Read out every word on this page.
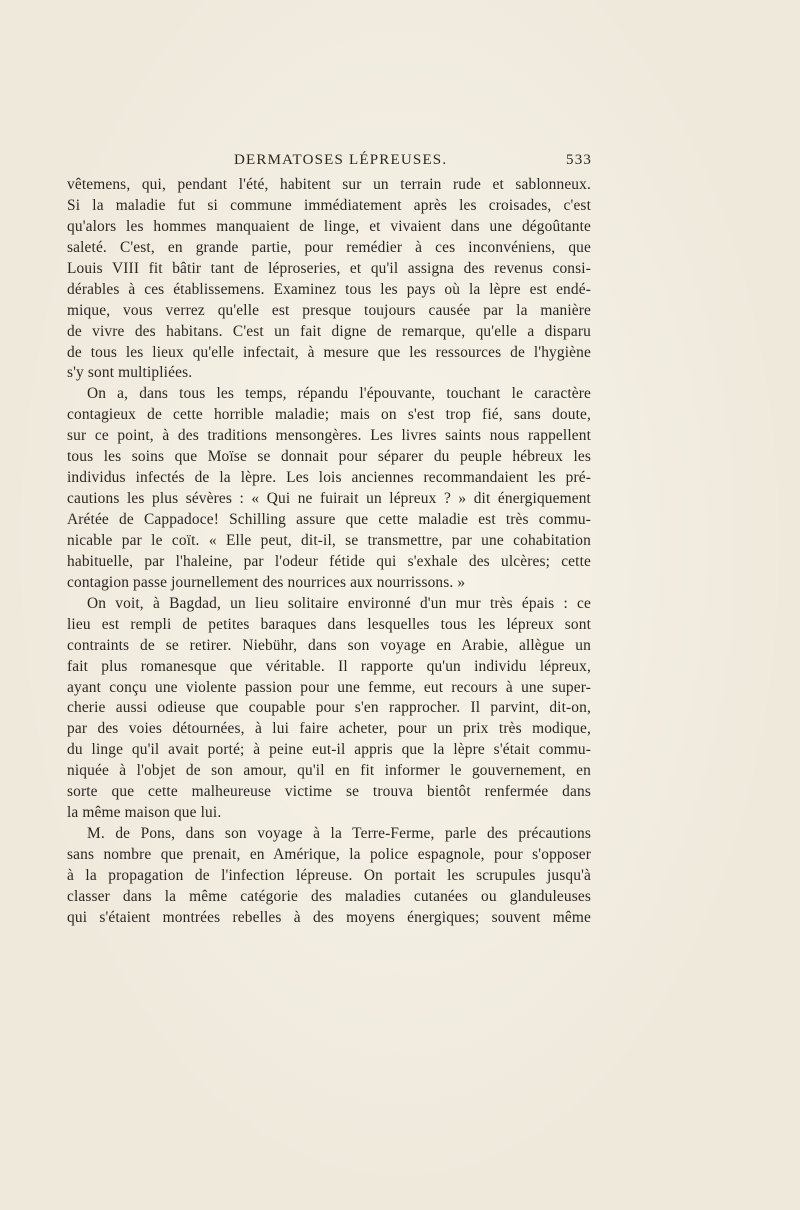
DERMATOSES LÉPREUSES.	533
vêtemens, qui, pendant l'été, habitent sur un terrain rude et sablonneux.
Si la maladie fut si commune immédiatement après les croisades, c'est
qu'alors les hommes manquaient de linge, et vivaient dans une dégoûtante
saleté. C'est, en grande partie, pour remédier à ces inconvéniens, que
Louis VIII fit bâtir tant de léproseries, et qu'il assigna des revenus consi-
dérables à ces établissemens. Examinez tous les pays où la lèpre est endé-
mique, vous verrez qu'elle est presque toujours causée par la manière
de vivre des habitans. C'est un fait digne de remarque, qu'elle a disparu
de tous les lieux qu'elle infectait, à mesure que les ressources de l'hygiène
s'y sont multipliées.
On a, dans tous les temps, répandu l'épouvante, touchant le caractère
contagieux de cette horrible maladie; mais on s'est trop fié, sans doute,
sur ce point, à des traditions mensongères. Les livres saints nous rappellent
tous les soins que Moïse se donnait pour séparer du peuple hébreux les
individus infectés de la lèpre. Les lois anciennes recommandaient les pré-
cautions les plus sévères : « Qui ne fuirait un lépreux ? » dit énergiquement
Arétée de Cappadoce! Schilling assure que cette maladie est très commu-
nicable par le coït. « Elle peut, dit-il, se transmettre, par une cohabitation
habituelle, par l'haleine, par l'odeur fétide qui s'exhale des ulcères; cette
contagion passe journellement des nourrices aux nourrissons. »
On voit, à Bagdad, un lieu solitaire environné d'un mur très épais : ce
lieu est rempli de petites baraques dans lesquelles tous les lépreux sont
contraints de se retirer. Niebühr, dans son voyage en Arabie, allègue un
fait plus romanesque que véritable. Il rapporte qu'un individu lépreux,
ayant conçu une violente passion pour une femme, eut recours à une super-
cherie aussi odieuse que coupable pour s'en rapprocher. Il parvint, dit-on,
par des voies détournées, à lui faire acheter, pour un prix très modique,
du linge qu'il avait porté; à peine eut-il appris que la lèpre s'était commu-
niquée à l'objet de son amour, qu'il en fit informer le gouvernement, en
sorte que cette malheureuse victime se trouva bientôt renfermée dans
la même maison que lui.
M. de Pons, dans son voyage à la Terre-Ferme, parle des précautions
sans nombre que prenait, en Amérique, la police espagnole, pour s'opposer
à la propagation de l'infection lépreuse. On portait les scrupules jusqu'à
classer dans la même catégorie des maladies cutanées ou glanduleuses
qui s'étaient montrées rebelles à des moyens énergiques; souvent même
